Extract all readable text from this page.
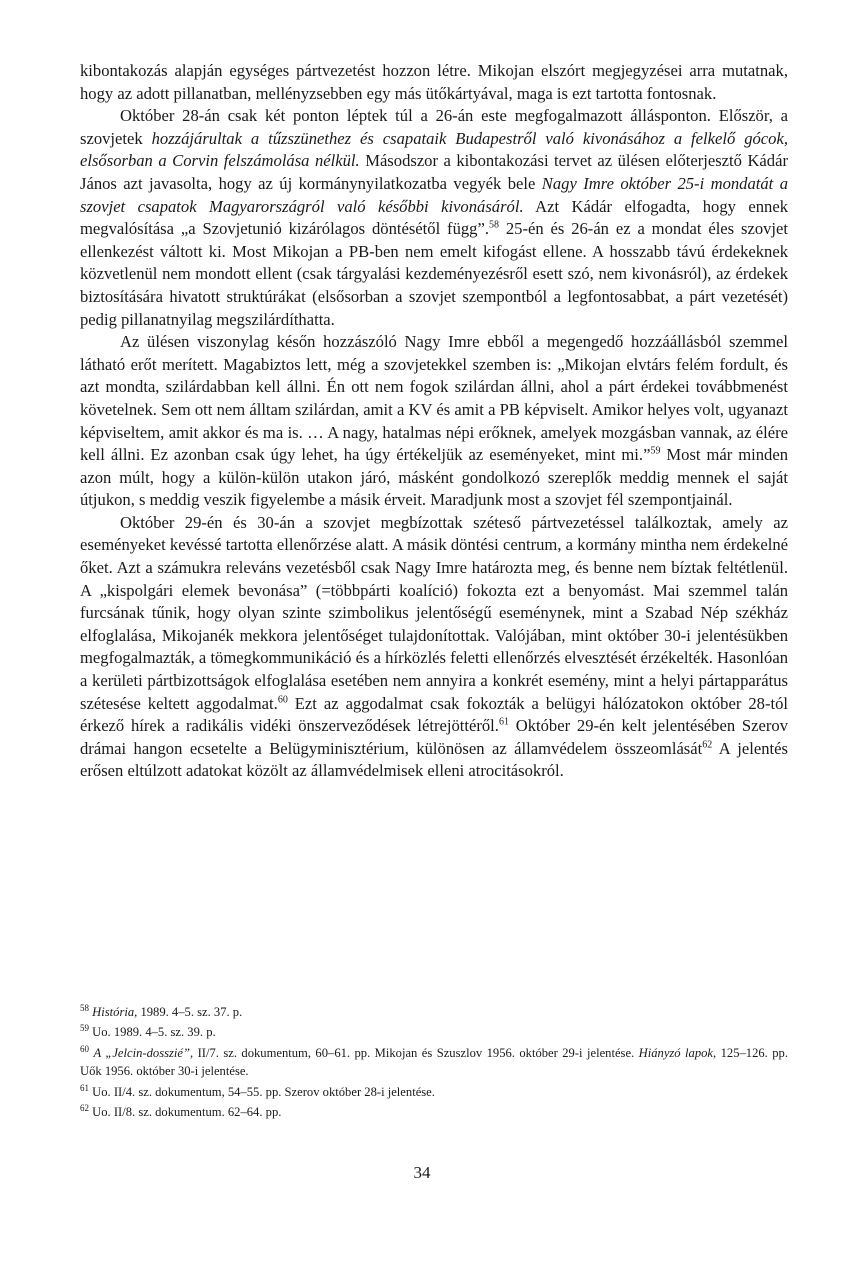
kibontakozás alapján egységes pártvezetést hozzon létre. Mikojan elszórt megjegyzései arra mutatnak, hogy az adott pillanatban, mellényzsebben egy más ütőkártyával, maga is ezt tartotta fontosnak.

Október 28-án csak két ponton léptek túl a 26-án este megfogalmazott állásponton. Először, a szovjetek hozzájárultak a tűzszünethez és csapataik Budapestről való kivonásához a felkelő gócok, elsősorban a Corvin felszámolása nélkül. Másodszor a kibontakozási tervet az ülésen előterjesztő Kádár János azt javasolta, hogy az új kormánynyilatkozatba vegyék bele Nagy Imre október 25-i mondatát a szovjet csapatok Magyarországról való későbbi kivonásáról. Azt Kádár elfogadta, hogy ennek megvalósítása „a Szovjetunió kizárólagos döntésétől függ”.$^{58}$ 25-én és 26-án ez a mondat éles szovjet ellenkezést váltott ki. Most Mikojan a PB-ben nem emelt kifogást ellene. A hosszabb távú érdekeknek közvetlenül nem mondott ellent (csak tárgyalási kezdeményezésről esett szó, nem kivonásról), az érdekek biztosítására hivatott struktúrákat (elsősorban a szovjet szempontból a legfontosabbat, a párt vezetését) pedig pillanatnyilag megszilárdíthatta.

Az ülésen viszonylag későn hozzászóló Nagy Imre ebből a megengedő hozzáállásból szemmel látható erőt merített. Magabiztos lett, még a szovjetekkel szemben is: „Mikojan elvtárs felém fordult, és azt mondta, szilárdabban kell állni. Én ott nem fogok szilárdan állni, ahol a párt érdekei továbbmenést követelnek. Sem ott nem álltam szilárdan, amit a KV és amit a PB képviselt. Amikor helyes volt, ugyanazt képviseltem, amit akkor és ma is. … A nagy, hatalmas népi erőknek, amelyek mozgásban vannak, az élére kell állni. Ez azonban csak úgy lehet, ha úgy értékeljük az eseményeket, mint mi.”$^{59}$ Most már minden azon múlt, hogy a külön-külön utakon járó, másként gondolkozó szereplők meddig mennek el saját útjukon, s meddig veszik figyelembe a másik érveit. Maradjunk most a szovjet fél szempontjainál.

Október 29-én és 30-án a szovjet megbízottak széteső pártvezetéssel találkoztak, amely az eseményeket kevéssé tartotta ellenőrzése alatt. A másik döntési centrum, a kormány mintha nem érdekelné őket. Azt a számukra releváns vezetésből csak Nagy Imre határozta meg, és benne nem bíztak feltétlenül. A „kispolgári elemek bevonása” (=többpárti koalíció) fokozta ezt a benyomást. Mai szemmel talán furcsának tűnik, hogy olyan szinte szimbolikus jelentőségű eseménynek, mint a Szabad Nép székház elfoglalása, Mikojanék mekkora jelentőséget tulajdonítottak. Valójában, mint október 30-i jelentésükben megfogalmazták, a tömegkommunikáció és a hírközlés feletti ellenőrzés elvesztését érzékelték. Hasonlóan a kerületi pártbizottságok elfoglalása esetében nem annyira a konkrét esemény, mint a helyi pártapparátus szétesése keltett aggodalmat.$^{60}$ Ezt az aggodalmat csak fokozták a belügyi hálózatokon október 28-tól érkező hírek a radikális vidéki önszerveződések létrejöttéről.$^{61}$ Október 29-én kelt jelentésében Szerov drámai hangon ecsetelte a Belügyminisztérium, különösen az államvédelem összeomlását$^{62}$ A jelentés erősen eltúlzott adatokat közölt az államvédelmisek elleni atrocitásokról.

$^{58}$ História, 1989. 4–5. sz. 37. p.
$^{59}$ Uo. 1989. 4–5. sz. 39. p.
$^{60}$ A „Jelcin-dosszié”, II/7. sz. dokumentum, 60–61. pp. Mikojan és Szuszlov 1956. október 29-i jelentése. Hiányzó lapok, 125–126. pp. Uők 1956. október 30-i jelentése.
$^{61}$ Uo. II/4. sz. dokumentum, 54–55. pp. Szerov október 28-i jelentése.
$^{62}$ Uo. II/8. sz. dokumentum. 62–64. pp.
34
